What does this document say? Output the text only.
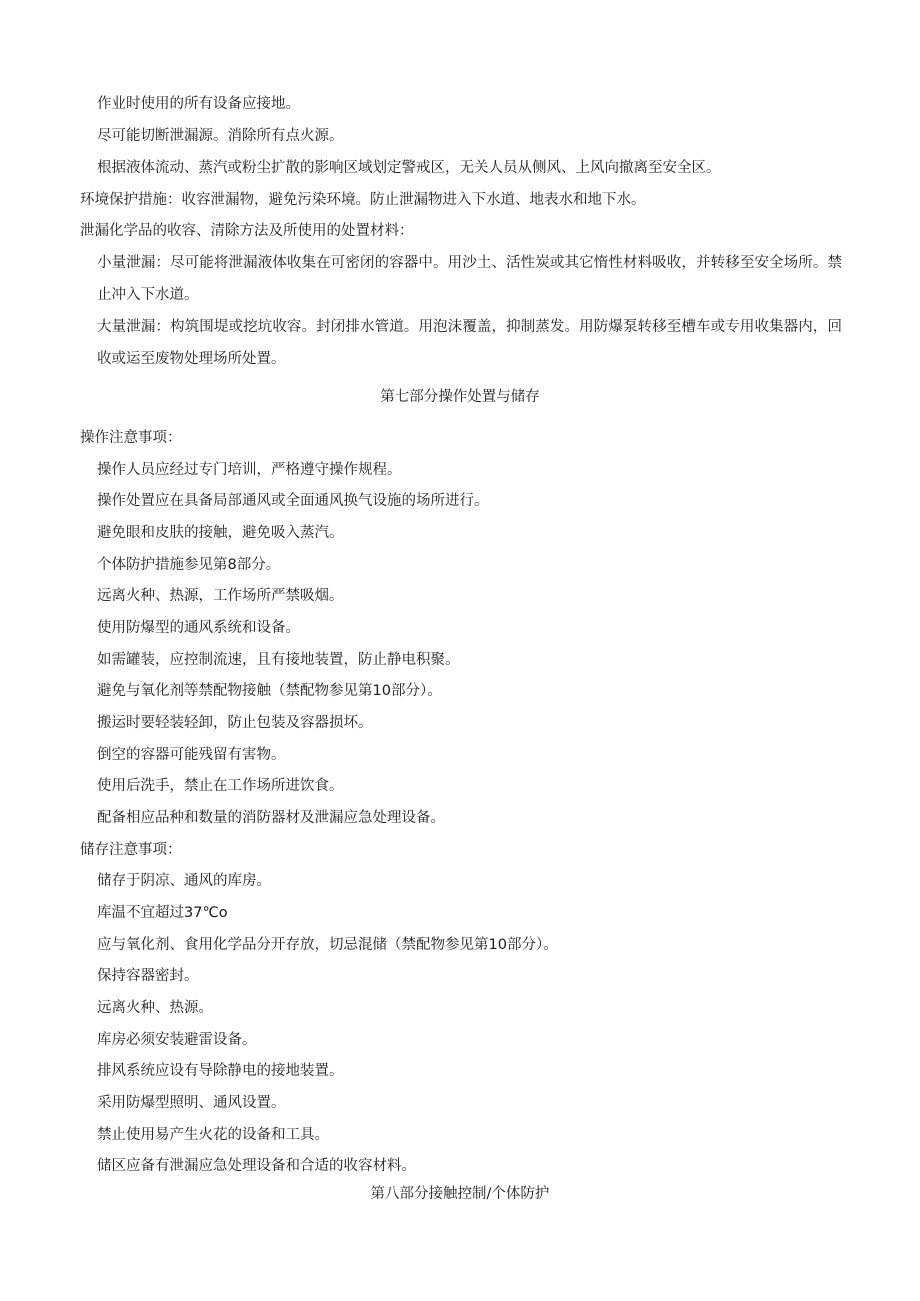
作业时使用的所有设备应接地。
尽可能切断泄漏源。消除所有点火源。
根据液体流动、蒸汽或粉尘扩散的影响区域划定警戒区，无关人员从侧风、上风向撤离至安全区。
环境保护措施：收容泄漏物，避免污染环境。防止泄漏物进入下水道、地表水和地下水。
泄漏化学品的收容、清除方法及所使用的处置材料：
小量泄漏：尽可能将泄漏液体收集在可密闭的容器中。用沙土、活性炭或其它惰性材料吸收，并转移至安全场所。禁止冲入下水道。
大量泄漏：构筑围堤或挖坑收容。封闭排水管道。用泡沫覆盖，抑制蒸发。用防爆泵转移至槽车或专用收集器内，回收或运至废物处理场所处置。
第七部分操作处置与储存
操作注意事项：
操作人员应经过专门培训，严格遵守操作规程。
操作处置应在具备局部通风或全面通风换气设施的场所进行。
避免眼和皮肤的接触，避免吸入蒸汽。
个体防护措施参见第8部分。
远离火种、热源，工作场所严禁吸烟。
使用防爆型的通风系统和设备。
如需罐装，应控制流速，且有接地装置，防止静电积聚。
避免与氧化剂等禁配物接触（禁配物参见第10部分）。
搬运时要轻装轻卸，防止包装及容器损坏。
倒空的容器可能残留有害物。
使用后洗手，禁止在工作场所进饮食。
配备相应品种和数量的消防器材及泄漏应急处理设备。
储存注意事项：
储存于阴凉、通风的库房。
库温不宜超过37℃o
应与氧化剂、食用化学品分开存放，切忌混储（禁配物参见第10部分）。
保持容器密封。
远离火种、热源。
库房必须安装避雷设备。
排风系统应设有导除静电的接地装置。
采用防爆型照明、通风设置。
禁止使用易产生火花的设备和工具。
储区应备有泄漏应急处理设备和合适的收容材料。
第八部分接触控制/个体防护
